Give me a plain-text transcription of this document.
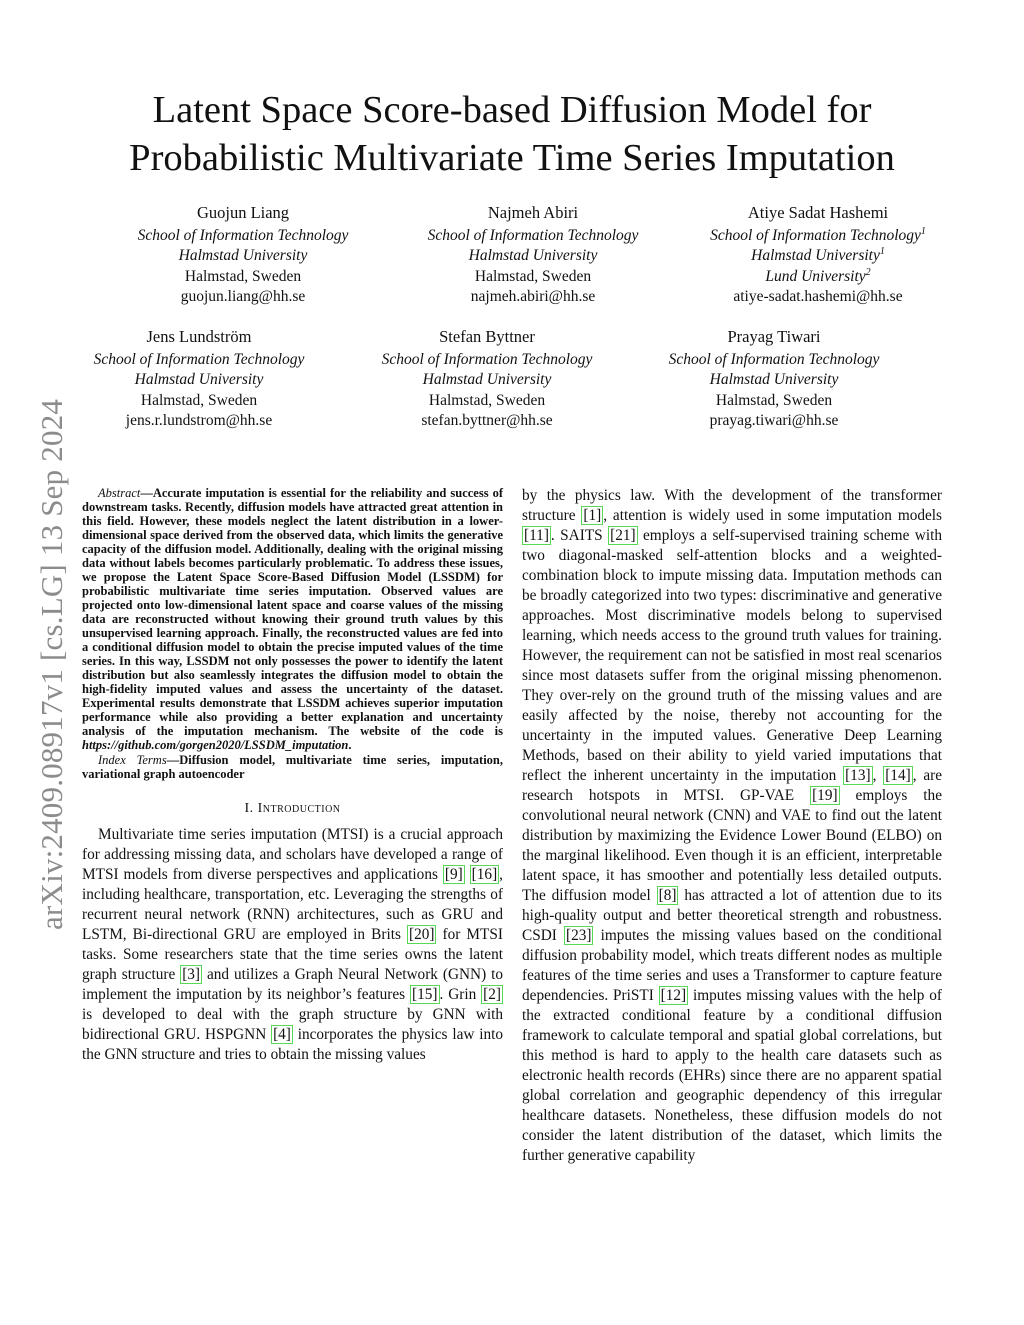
arXiv:2409.08917v1 [cs.LG] 13 Sep 2024
Latent Space Score-based Diffusion Model for
Probabilistic Multivariate Time Series Imputation
Guojun Liang
School of Information Technology
Halmstad University
Halmstad, Sweden
guojun.liang@hh.se
Najmeh Abiri
School of Information Technology
Halmstad University
Halmstad, Sweden
najmeh.abiri@hh.se
Atiye Sadat Hashemi
School of Information Technology$^1$
Halmstad University$^1$
Lund University$^2$
atiye-sadat.hashemi@hh.se
Jens Lundström
School of Information Technology
Halmstad University
Halmstad, Sweden
jens.r.lundstrom@hh.se
Stefan Byttner
School of Information Technology
Halmstad University
Halmstad, Sweden
stefan.byttner@hh.se
Prayag Tiwari
School of Information Technology
Halmstad University
Halmstad, Sweden
prayag.tiwari@hh.se

Abstract—Accurate imputation is essential for the reliability and success of downstream tasks. Recently, diffusion models have attracted great attention in this field. However, these models neglect the latent distribution in a lower-dimensional space derived from the observed data, which limits the generative capacity of the diffusion model. Additionally, dealing with the original missing data without labels becomes particularly problematic. To address these issues, we propose the Latent Space Score-Based Diffusion Model (LSSDM) for probabilistic multivariate time series imputation. Observed values are projected onto low-dimensional latent space and coarse values of the missing data are reconstructed without knowing their ground truth values by this unsupervised learning approach. Finally, the reconstructed values are fed into a conditional diffusion model to obtain the precise imputed values of the time series. In this way, LSSDM not only possesses the power to identify the latent distribution but also seamlessly integrates the diffusion model to obtain the high-fidelity imputed values and assess the uncertainty of the dataset. Experimental results demonstrate that LSSDM achieves superior imputation performance while also providing a better explanation and uncertainty analysis of the imputation mechanism. The website of the code is https://github.com/gorgen2020/LSSDM_imputation.

Index Terms—Diffusion model, multivariate time series, imputation, variational graph autoencoder

I. Introduction

Multivariate time series imputation (MTSI) is a crucial approach for addressing missing data, and scholars have developed a range of MTSI models from diverse perspectives and applications [9] [16] , including healthcare, transportation, etc. Leveraging the strengths of recurrent neural network (RNN) architectures, such as GRU and LSTM, Bi-directional GRU are employed in Brits [20] for MTSI tasks. Some researchers state that the time series owns the latent graph structure [3] and utilizes a Graph Neural Network (GNN) to implement the imputation by its neighbor’s features [15] . Grin [2] is developed to deal with the graph structure by GNN with bidirectional GRU. HSPGNN [4] incorporates the physics law into the GNN structure and tries to obtain the missing values

by the physics law. With the development of the transformer structure [1] , attention is widely used in some imputation models [11] . SAITS [21] employs a self-supervised training scheme with two diagonal-masked self-attention blocks and a weighted-combination block to impute missing data. Imputation methods can be broadly categorized into two types: discriminative and generative approaches. Most discriminative models belong to supervised learning, which needs access to the ground truth values for training. However, the requirement can not be satisfied in most real scenarios since most datasets suffer from the original missing phenomenon. They over-rely on the ground truth of the missing values and are easily affected by the noise, thereby not accounting for the uncertainty in the imputed values. Generative Deep Learning Methods, based on their ability to yield varied imputations that reflect the inherent uncertainty in the imputation [13] , [14] , are research hotspots in MTSI. GP-VAE [19] employs the convolutional neural network (CNN) and VAE to find out the latent distribution by maximizing the Evidence Lower Bound (ELBO) on the marginal likelihood. Even though it is an efficient, interpretable latent space, it has smoother and potentially less detailed outputs. The diffusion model [8] has attracted a lot of attention due to its high-quality output and better theoretical strength and robustness. CSDI [23] imputes the missing values based on the conditional diffusion probability model, which treats different nodes as multiple features of the time series and uses a Transformer to capture feature dependencies. PriSTI [12] imputes missing values with the help of the extracted conditional feature by a conditional diffusion framework to calculate temporal and spatial global correlations, but this method is hard to apply to the health care datasets such as electronic health records (EHRs) since there are no apparent spatial global correlation and geographic dependency of this irregular healthcare datasets. Nonetheless, these diffusion models do not consider the latent distribution of the dataset, which limits the further generative capability
